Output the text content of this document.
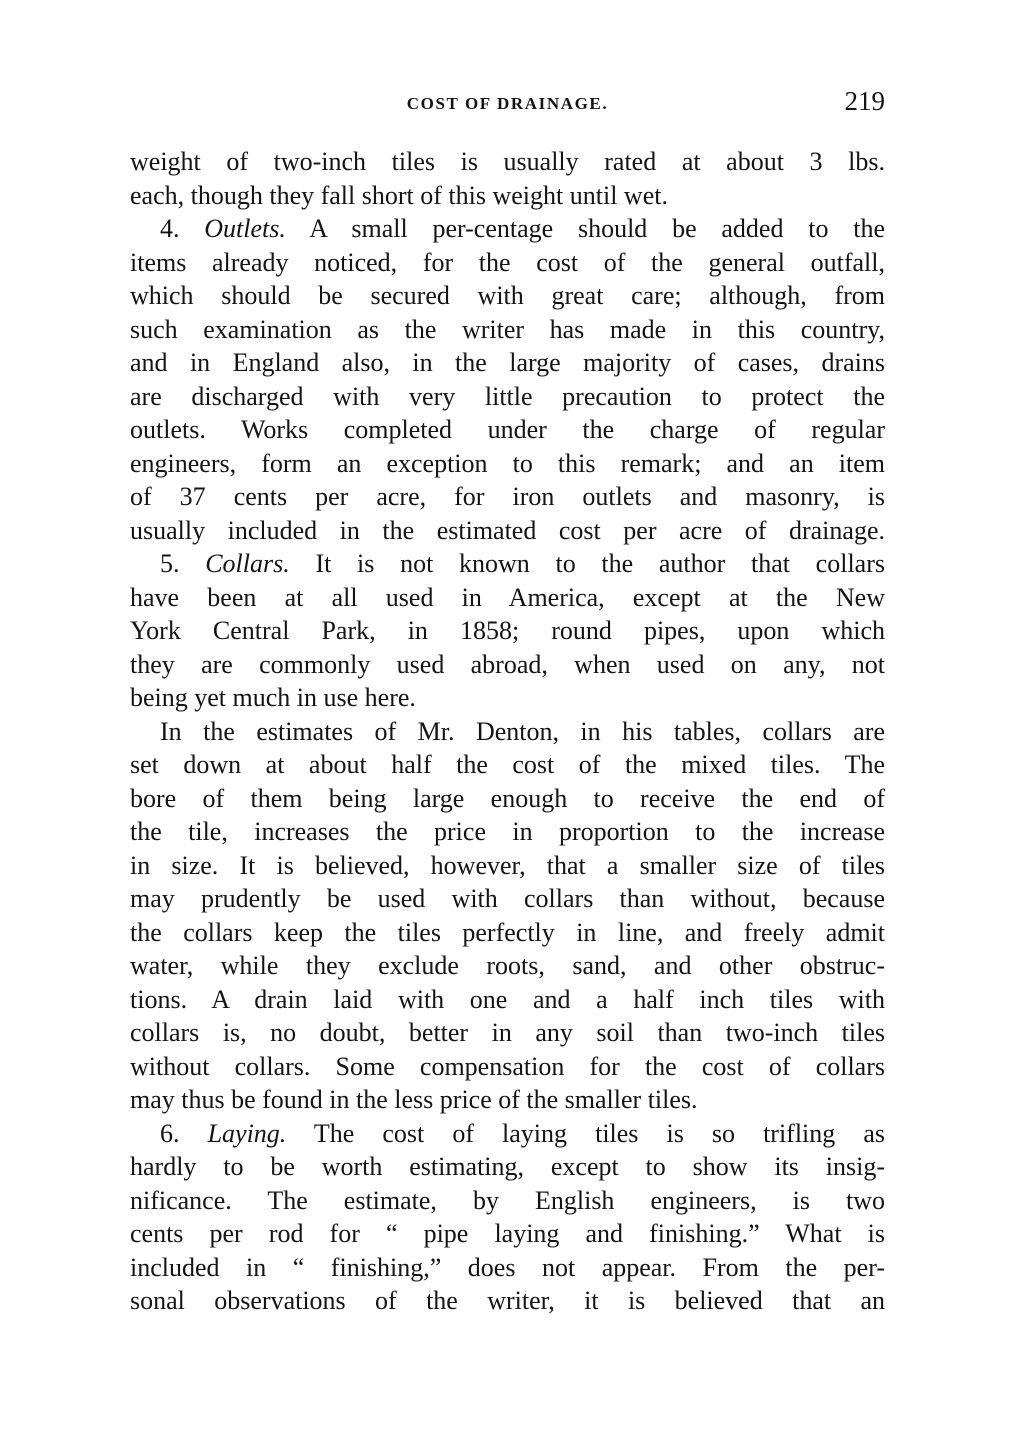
COST OF DRAINAGE.	219
weight of two-inch tiles is usually rated at about 3 lbs.
each, though they fall short of this weight until wet.
4. Outlets. A small per-centage should be added to the
items already noticed, for the cost of the general outfall,
which should be secured with great care; although, from
such examination as the writer has made in this country,
and in England also, in the large majority of cases, drains
are discharged with very little precaution to protect the
outlets. Works completed under the charge of regular
engineers, form an exception to this remark; and an item
of 37 cents per acre, for iron outlets and masonry, is
usually included in the estimated cost per acre of drainage.
5. Collars. It is not known to the author that collars
have been at all used in America, except at the New
York Central Park, in 1858; round pipes, upon which
they are commonly used abroad, when used on any, not
being yet much in use here.
In the estimates of Mr. Denton, in his tables, collars are
set down at about half the cost of the mixed tiles. The
bore of them being large enough to receive the end of
the tile, increases the price in proportion to the increase
in size. It is believed, however, that a smaller size of tiles
may prudently be used with collars than without, because
the collars keep the tiles perfectly in line, and freely admit
water, while they exclude roots, sand, and other obstruc-
tions. A drain laid with one and a half inch tiles with
collars is, no doubt, better in any soil than two-inch tiles
without collars. Some compensation for the cost of collars
may thus be found in the less price of the smaller tiles.
6. Laying. The cost of laying tiles is so trifling as
hardly to be worth estimating, except to show its insig-
nificance. The estimate, by English engineers, is two
cents per rod for “ pipe laying and finishing.” What is
included in “ finishing,” does not appear. From the per-
sonal observations of the writer, it is believed that an
